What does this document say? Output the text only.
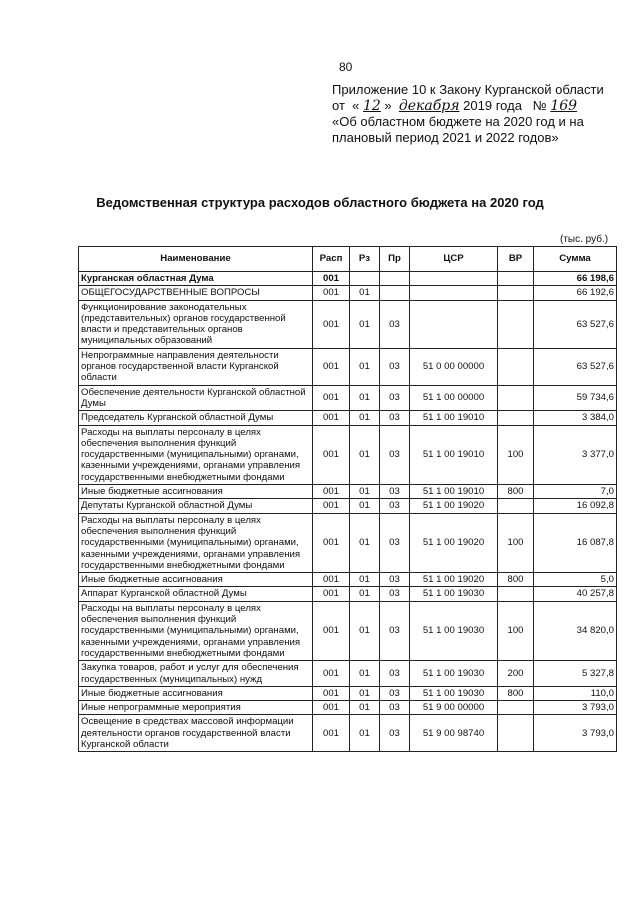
80
Приложение 10 к Закону Курганской области
от  « 12 »  декабря 2019 года № 169
«Об областном бюджете на 2020 год и на
плановый период 2021 и 2022 годов»
Ведомственная структура расходов областного бюджета на 2020 год
(тыс. руб.)
Наименование	Расп	Рз	Пр	ЦСР	ВР	Сумма
Курганская областная Дума	001					66 198,6
ОБЩЕГОСУДАРСТВЕННЫЕ ВОПРОСЫ	001	01				66 192,6
Функционирование законодательных (представительных) органов государственной власти и представительных органов муниципальных образований	001	01	03			63 527,6
Непрограммные направления деятельности органов государственной власти Курганской области	001	01	03	51 0 00 00000		63 527,6
Обеспечение деятельности Курганской областной Думы	001	01	03	51 1 00 00000		59 734,6
Председатель Курганской областной Думы	001	01	03	51 1 00 19010		3 384,0
Расходы на выплаты персоналу в целях обеспечения выполнения функций государственными (муниципальными) органами, казенными учреждениями, органами управления государственными внебюджетными фондами	001	01	03	51 1 00 19010	100	3 377,0
Иные бюджетные ассигнования	001	01	03	51 1 00 19010	800	7,0
Депутаты Курганской областной Думы	001	01	03	51 1 00 19020		16 092,8
Расходы на выплаты персоналу в целях обеспечения выполнения функций государственными (муниципальными) органами, казенными учреждениями, органами управления государственными внебюджетными фондами	001	01	03	51 1 00 19020	100	16 087,8
Иные бюджетные ассигнования	001	01	03	51 1 00 19020	800	5,0
Аппарат Курганской областной Думы	001	01	03	51 1 00 19030		40 257,8
Расходы на выплаты персоналу в целях обеспечения выполнения функций государственными (муниципальными) органами, казенными учреждениями, органами управления государственными внебюджетными фондами	001	01	03	51 1 00 19030	100	34 820,0
Закупка товаров, работ и услуг для обеспечения государственных (муниципальных) нужд	001	01	03	51 1 00 19030	200	5 327,8
Иные бюджетные ассигнования	001	01	03	51 1 00 19030	800	110,0
Иные непрограммные мероприятия	001	01	03	51 9 00 00000		3 793,0
Освещение в средствах массовой информации деятельности органов государственной власти Курганской области	001	01	03	51 9 00 98740		3 793,0
